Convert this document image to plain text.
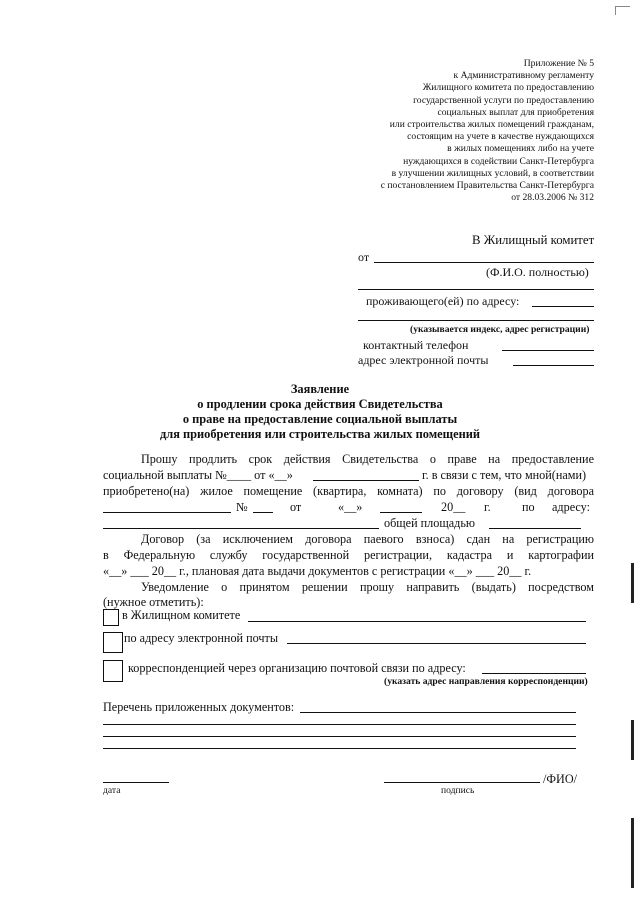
Приложение № 5
к Административному регламенту
Жилищного комитета по предоставлению
государственной услуги по предоставлению
социальных выплат для приобретения
или строительства жилых помещений гражданам,
состоящим на учете в качестве нуждающихся
в жилых помещениях либо на учете
нуждающихся в содействии Санкт-Петербурга
в улучшении жилищных условий, в соответствии
с постановлением Правительства Санкт-Петербурга
от 28.03.2006 № 312
В Жилищный комитет
от
(Ф.И.О. полностью)
проживающего(ей) по адресу:
(указывается индекс, адрес регистрации)
контактный телефон
адрес электронной почты
Заявление
о продлении срока действия Свидетельства
о праве на предоставление социальной выплаты
для приобретения или строительства жилых помещений
Прошу продлить срок действия Свидетельства о праве на предоставление
социальной выплаты №____ от «__»	г. в связи с тем, что мной(нами)
приобретено(на) жилое помещение (квартира, комната) по договору (вид договора
№	от	«__»	20__ г.	по адресу:
общей площадью
Договор (за исключением договора паевого взноса) сдан на регистрацию
в Федеральную службу государственной регистрации, кадастра и картографии
«__» ___ 20__ г., плановая дата выдачи документов с регистрации «__» ___ 20__ г.
Уведомление о принятом решении прошу направить (выдать) посредством
(нужное отметить):
в Жилищном комитете
по адресу электронной почты
корреспонденцией через организацию почтовой связи по адресу:
(указать адрес направления корреспонденции)
Перечень приложенных документов:
дата
/ФИО/
подпись
